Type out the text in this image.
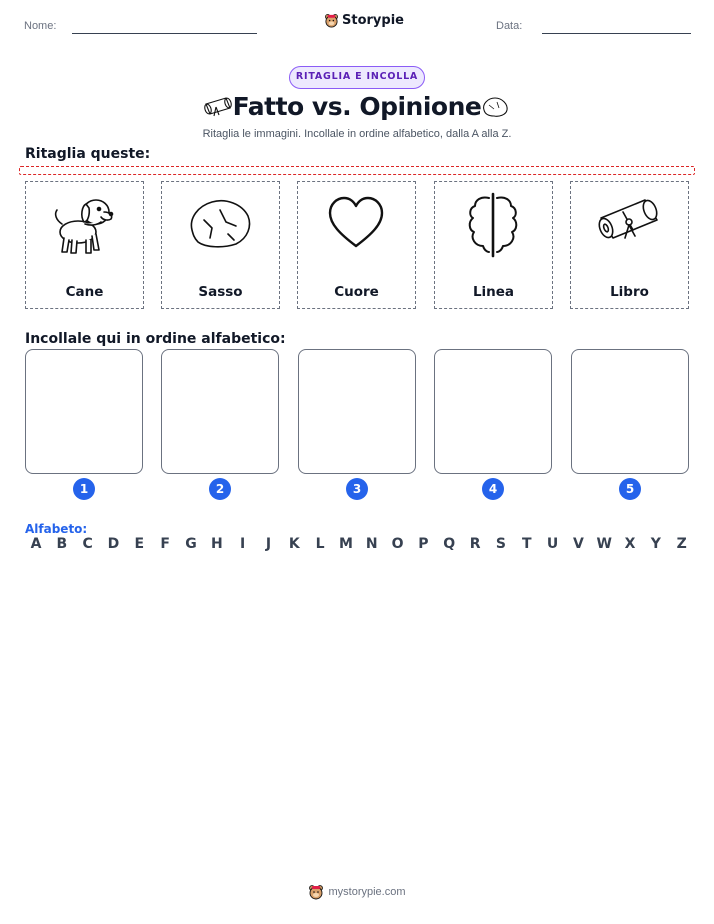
Nome:	Storypie	Data:
RITAGLIA E INCOLLA
Fatto vs. Opinione
Ritaglia le immagini. Incollale in ordine alfabetico, dalla A alla Z.
Ritaglia queste:
Cane	Sasso	Cuore	Linea	Libro
Incollale qui in ordine alfabetico:
1	2	3	4	5
Alfabeto:
A	B	C	D	E	F	G	H	I	J	K	L	M N O	P	Q	R	S	T	U	V W X	Y	Z
mystorypie.com
